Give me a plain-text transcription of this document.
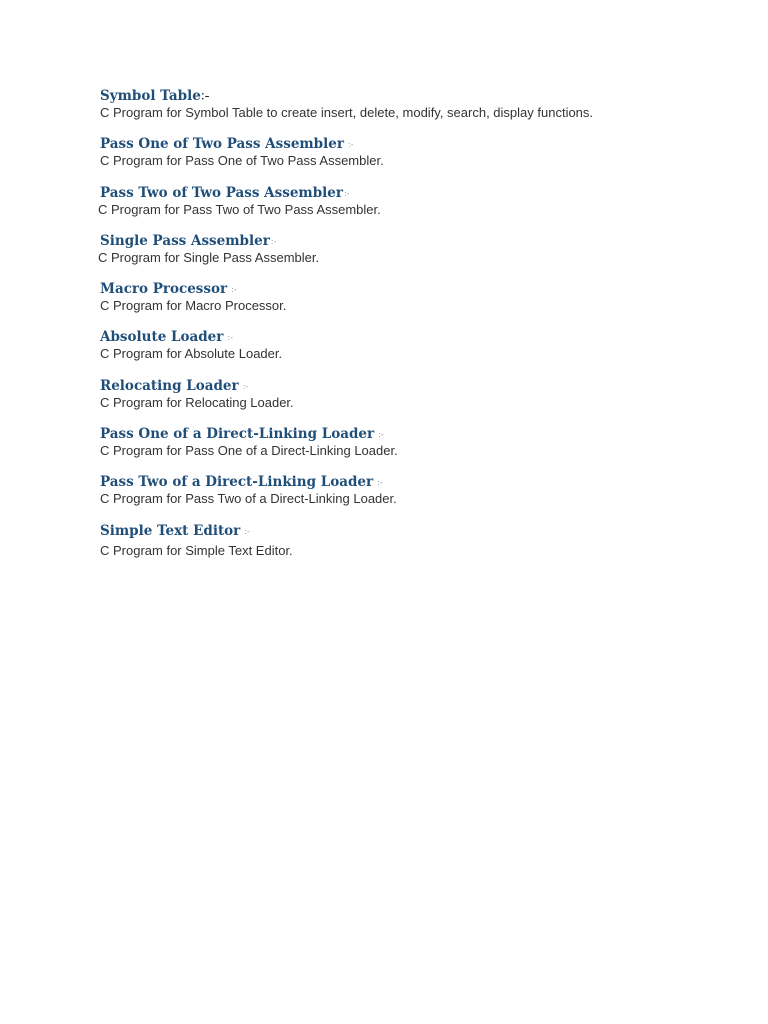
Symbol Table:-
C Program for Symbol Table to create insert, delete, modify, search, display functions.
Pass One of Two Pass Assembler :-
C Program for Pass One of Two Pass Assembler.
Pass Two of Two Pass Assembler:-
C Program for Pass Two of Two Pass Assembler.
Single Pass Assembler:-
C Program for Single Pass Assembler.
Macro Processor :-
C Program for Macro Processor.
Absolute Loader :-
C Program for Absolute Loader.
Relocating Loader :-
C Program for Relocating Loader.
Pass One of a Direct-Linking Loader :-
C Program for Pass One of a Direct-Linking Loader.
Pass Two of a Direct-Linking Loader :-
C Program for Pass Two of a Direct-Linking Loader.
Simple Text Editor :-
C Program for Simple Text Editor.
